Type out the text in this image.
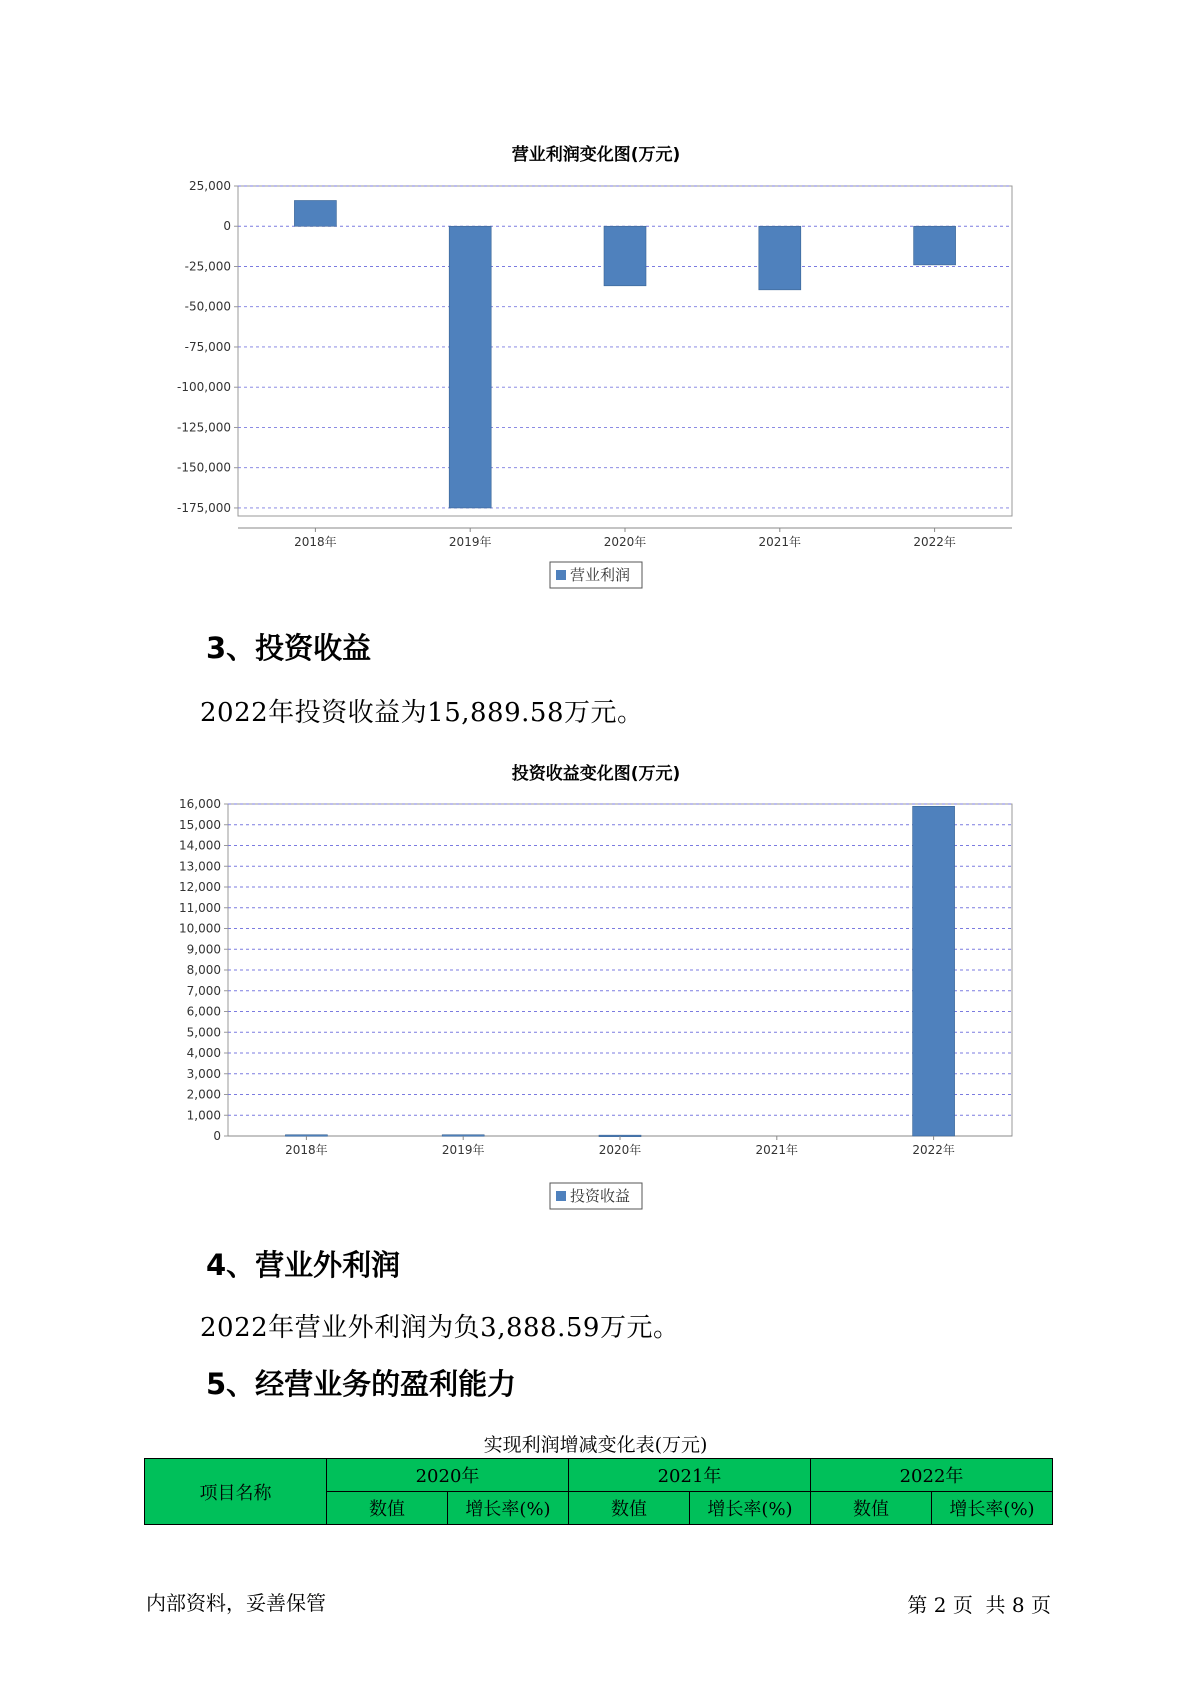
营业利润变化图(万元)
25,000
0
-25,000
-50,000
-75,000
-100,000
-125,000
-150,000
-175,000
2018年	2019年	2020年	2021年	2022年
营业利润
3、投资收益
2022年投资收益为15,889.58万元。
投资收益变化图(万元)
16,000
15,000
14,000
13,000
12,000
11,000
10,000
9,000
8,000
7,000
6,000
5,000
4,000
3,000
2,000
1,000
0
2018年	2019年	2020年	2021年	2022年
投资收益
4、营业外利润
2022年营业外利润为负3,888.59万元。
5、经营业务的盈利能力
实现利润增减变化表(万元)
项目名称	2020年		2021年		2022年	
	数值	增长率(%)	数值	增长率(%)	数值	增长率(%)
内部资料，妥善保管	第 2 页  共 8 页
